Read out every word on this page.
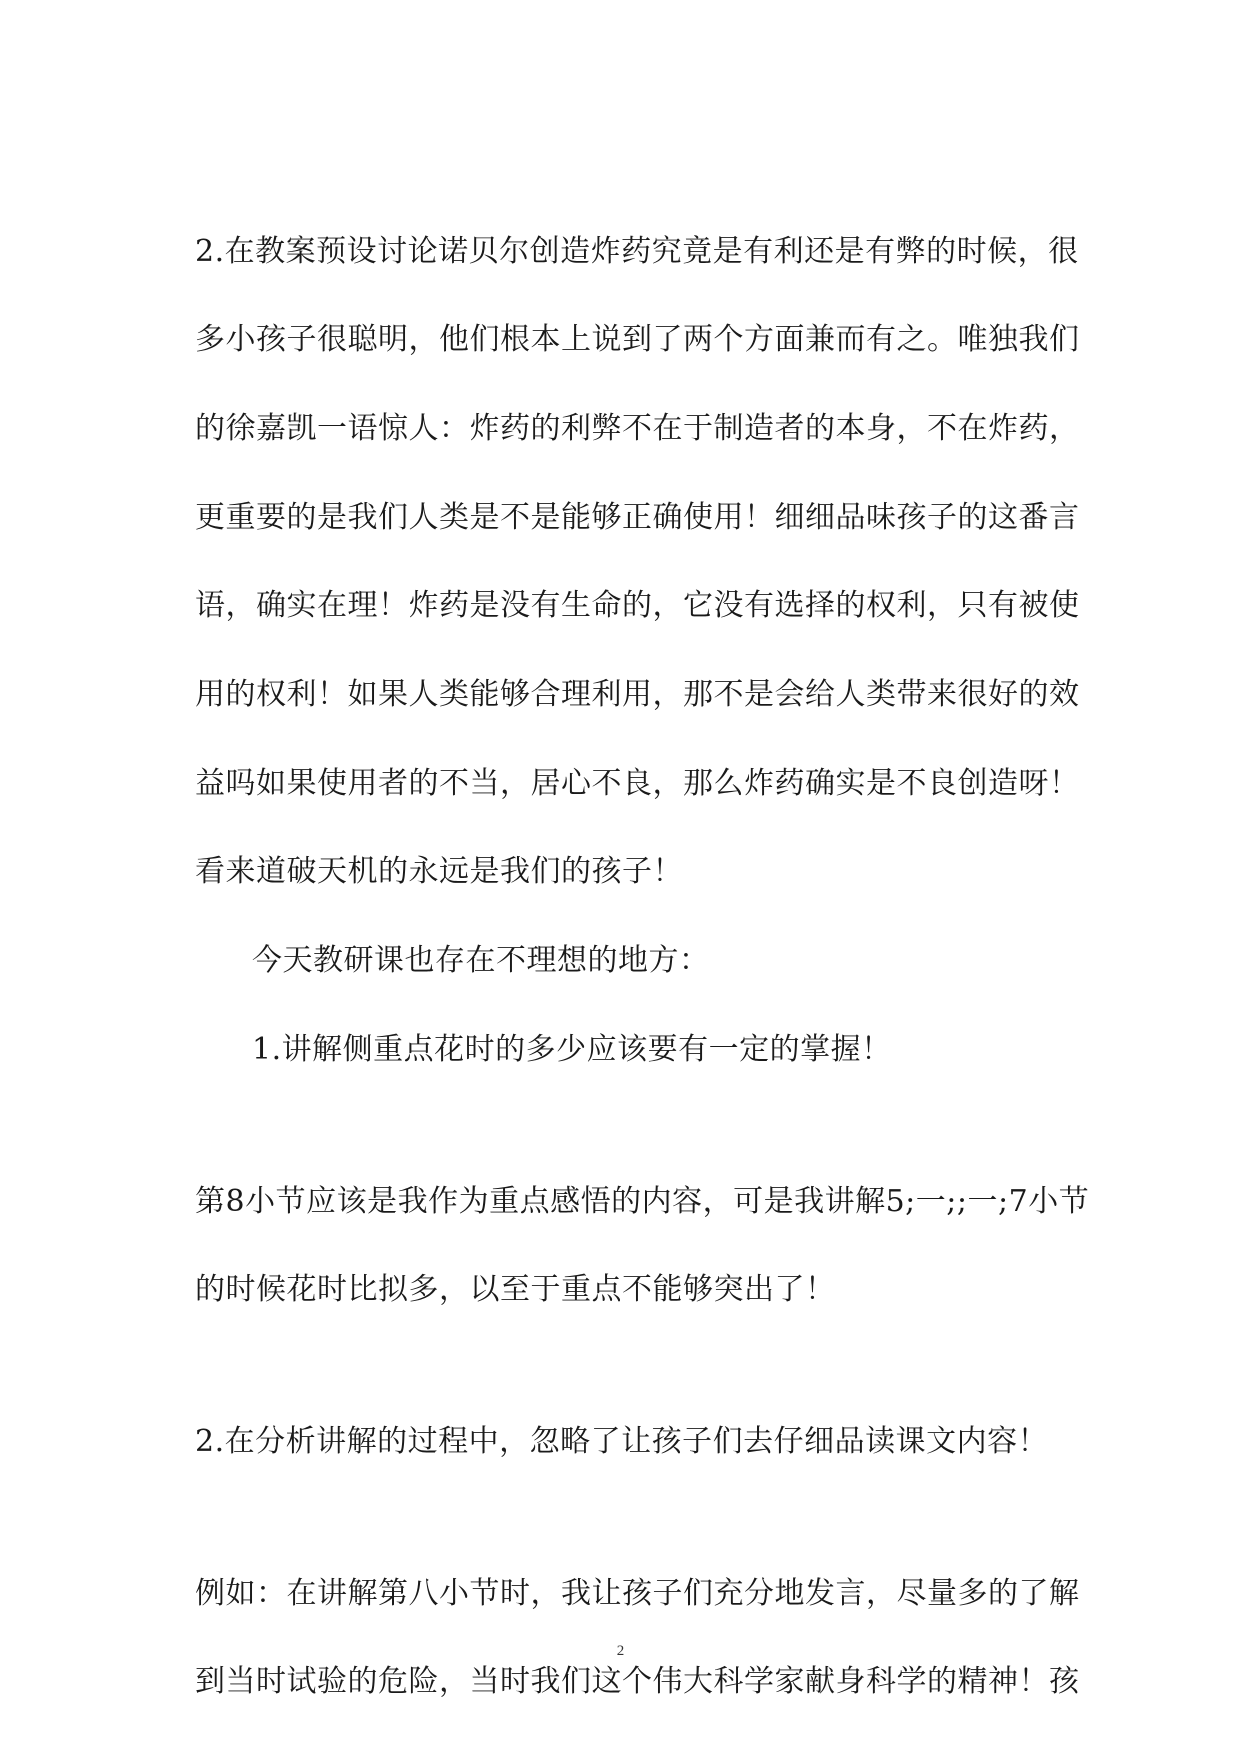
2.在教案预设讨论诺贝尔创造炸药究竟是有利还是有弊的时候，很
多小孩子很聪明，他们根本上说到了两个方面兼而有之。唯独我们
的徐嘉凯一语惊人：炸药的利弊不在于制造者的本身，不在炸药，
更重要的是我们人类是不是能够正确使用！细细品味孩子的这番言
语，确实在理！炸药是没有生命的，它没有选择的权利，只有被使
用的权利！如果人类能够合理利用，那不是会给人类带来很好的效
益吗如果使用者的不当，居心不良，那么炸药确实是不良创造呀！
看来道破天机的永远是我们的孩子！
今天教研课也存在不理想的地方：
1.讲解侧重点花时的多少应该要有一定的掌握！
第8小节应该是我作为重点感悟的内容，可是我讲解5;一;;一;7小节
的时候花时比拟多，以至于重点不能够突出了！
2.在分析讲解的过程中，忽略了让孩子们去仔细品读课文内容！
例如：在讲解第八小节时，我让孩子们充分地发言，尽量多的了解
2
到当时试验的危险，当时我们这个伟大科学家献身科学的精神！孩
